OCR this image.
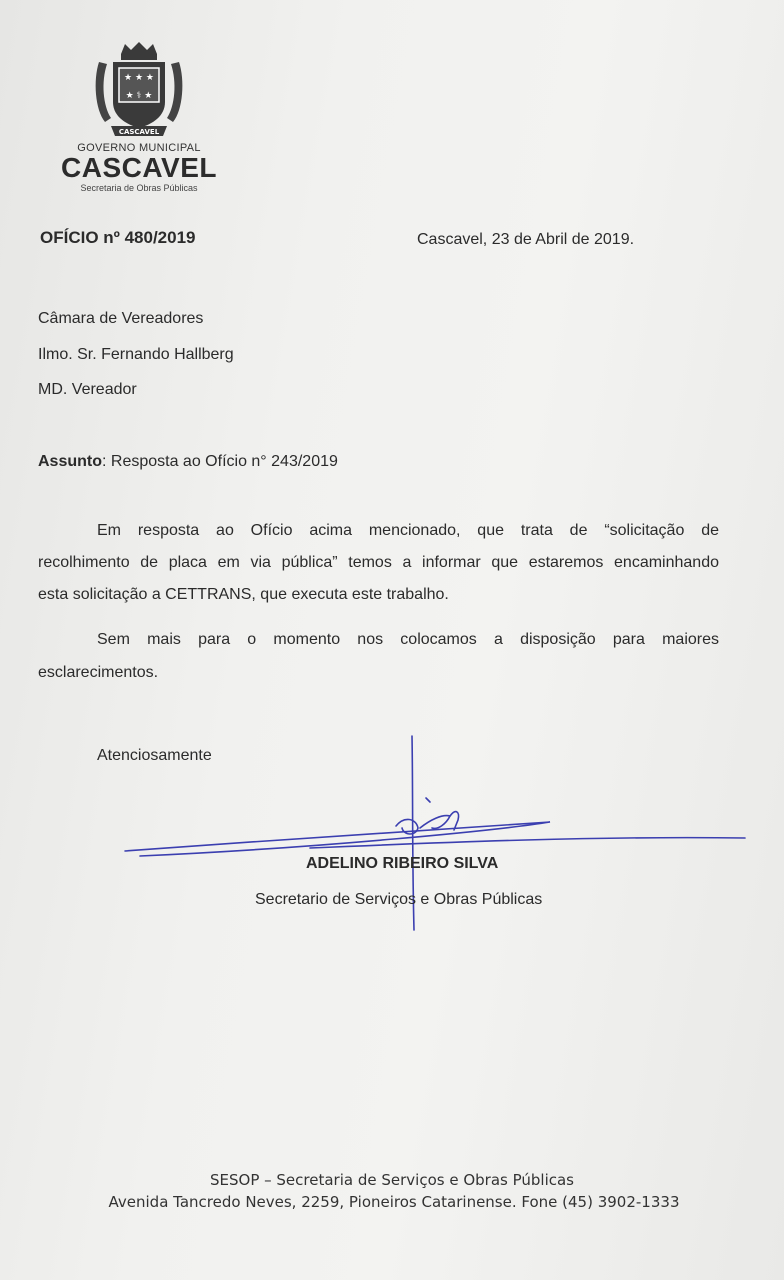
★ ★ ★
★ ⚕ ★
CASCAVEL
GOVERNO MUNICIPAL
CASCAVEL
Secretaria de Obras Públicas
OFÍCIO nº 480/2019	Cascavel, 23 de Abril de 2019.
Câmara de Vereadores
Ilmo. Sr. Fernando Hallberg
MD. Vereador
Assunto: Resposta ao Ofício n° 243/2019
Em resposta ao Ofício acima mencionado, que trata de “solicitação de
recolhimento de placa em via pública” temos a informar que estaremos encaminhando
esta solicitação a CETTRANS, que executa este trabalho.
Sem mais para o momento nos colocamos a disposição para maiores
esclarecimentos.
Atenciosamente
ADELINO RIBEIRO SILVA
Secretario de Serviços e Obras Públicas
SESOP – Secretaria de Serviços e Obras Públicas
Avenida Tancredo Neves, 2259, Pioneiros Catarinense. Fone (45) 3902-1333
